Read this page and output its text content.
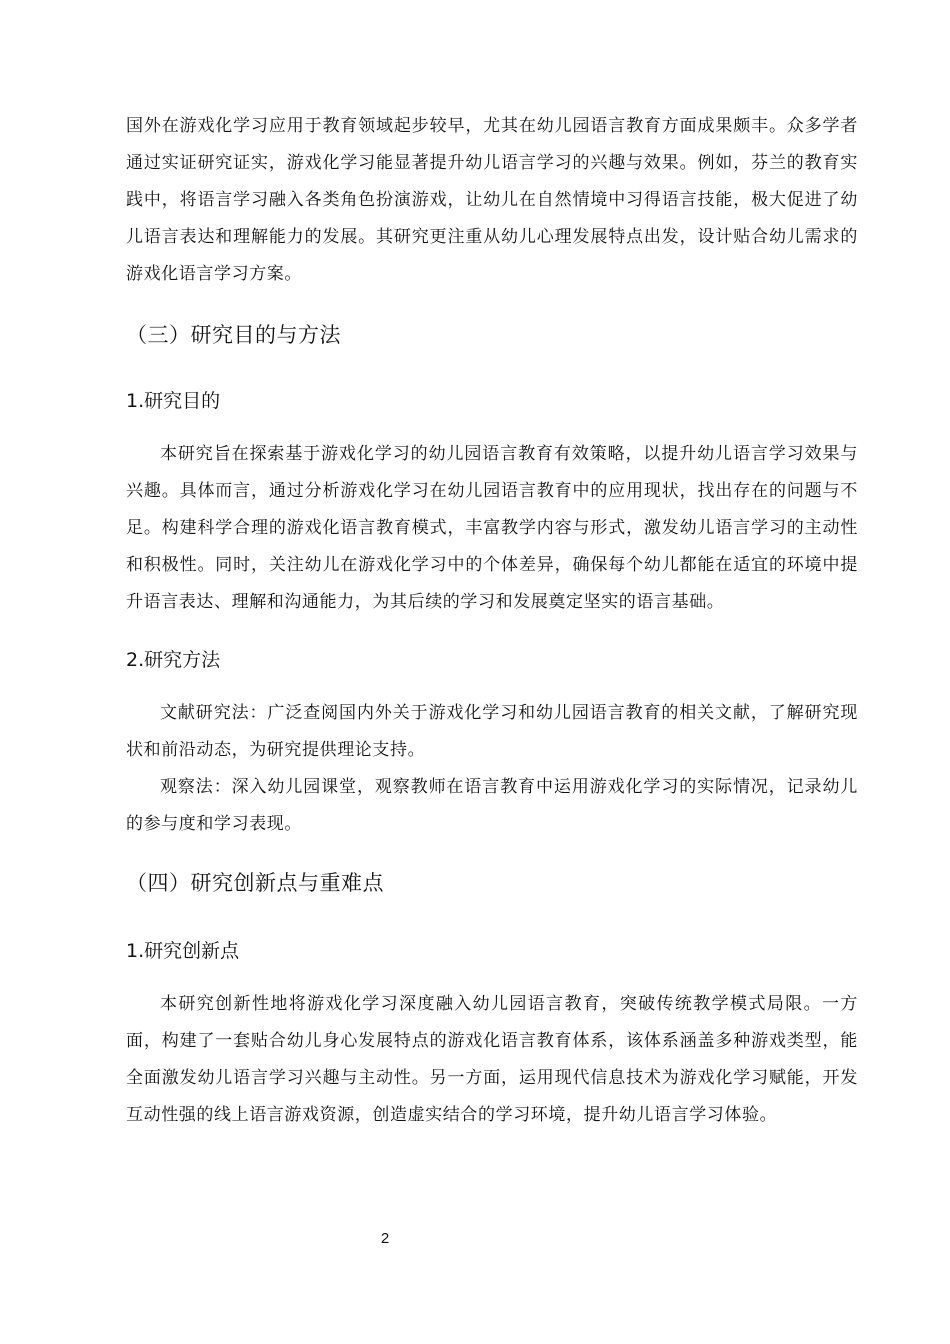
国外在游戏化学习应用于教育领域起步较早，尤其在幼儿园语言教育方面成果颇丰。众多学者通过实证研究证实，游戏化学习能显著提升幼儿语言学习的兴趣与效果。例如，芬兰的教育实践中，将语言学习融入各类角色扮演游戏，让幼儿在自然情境中习得语言技能，极大促进了幼儿语言表达和理解能力的发展。其研究更注重从幼儿心理发展特点出发，设计贴合幼儿需求的游戏化语言学习方案。

（三）研究目的与方法
1.研究目的

本研究旨在探索基于游戏化学习的幼儿园语言教育有效策略，以提升幼儿语言学习效果与兴趣。具体而言，通过分析游戏化学习在幼儿园语言教育中的应用现状，找出存在的问题与不足。构建科学合理的游戏化语言教育模式，丰富教学内容与形式，激发幼儿语言学习的主动性和积极性。同时，关注幼儿在游戏化学习中的个体差异，确保每个幼儿都能在适宜的环境中提升语言表达、理解和沟通能力，为其后续的学习和发展奠定坚实的语言基础。

2.研究方法

文献研究法：广泛查阅国内外关于游戏化学习和幼儿园语言教育的相关文献，了解研究现状和前沿动态，为研究提供理论支持。

观察法：深入幼儿园课堂，观察教师在语言教育中运用游戏化学习的实际情况，记录幼儿的参与度和学习表现。

（四）研究创新点与重难点
1.研究创新点

本研究创新性地将游戏化学习深度融入幼儿园语言教育，突破传统教学模式局限。一方面，构建了一套贴合幼儿身心发展特点的游戏化语言教育体系，该体系涵盖多种游戏类型，能全面激发幼儿语言学习兴趣与主动性。另一方面，运用现代信息技术为游戏化学习赋能，开发互动性强的线上语言游戏资源，创造虚实结合的学习环境，提升幼儿语言学习体验。

2
